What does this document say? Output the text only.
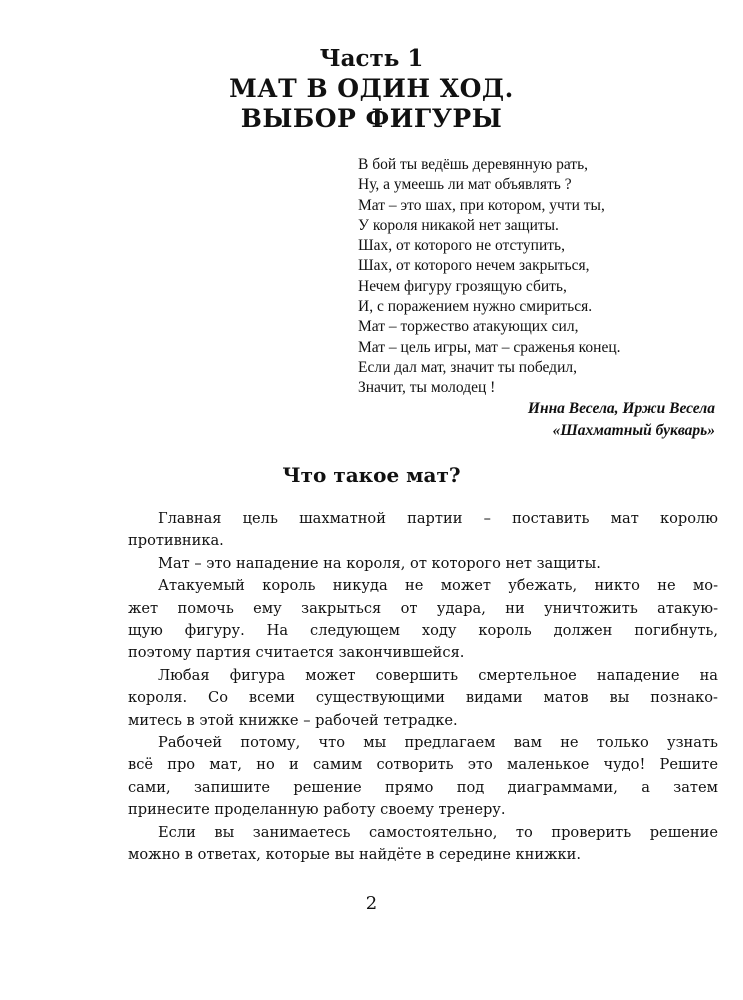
Часть 1
МАТ В ОДИН ХОД.
ВЫБОР ФИГУРЫ
В бой ты ведёшь деревянную рать,
Ну, а умеешь ли мат объявлять ?
Мат – это шах, при котором, учти ты,
У короля никакой нет защиты.
Шах, от которого не отступить,
Шах, от которого нечем закрыться,
Нечем фигуру грозящую сбить,
И, с поражением нужно смириться.
Мат – торжество атакующих сил,
Мат – цель игры, мат – сраженья конец.
Если дал мат, значит ты победил,
Значит, ты молодец !
Инна Весела, Иржи Весела
«Шахматный букварь»
Что такое мат?
Главная цель шахматной партии – поставить мат королю
противника.
Мат – это нападение на короля, от которого нет защиты.
Атакуемый король никуда не может убежать, никто не мо-
жет помочь ему закрыться от удара, ни уничтожить атакую-
щую фигуру. На следующем ходу король должен погибнуть,
поэтому партия считается закончившейся.
Любая фигура может совершить смертельное нападение на
короля. Со всеми существующими видами матов вы познако-
митесь в этой книжке – рабочей тетрадке.
Рабочей потому, что мы предлагаем вам не только узнать
всё про мат, но и самим сотворить это маленькое чудо! Решите
сами, запишите решение прямо под диаграммами, а затем
принесите проделанную работу своему тренеру.
Если вы занимаетесь самостоятельно, то проверить решение
можно в ответах, которые вы найдёте в середине книжки.
2
